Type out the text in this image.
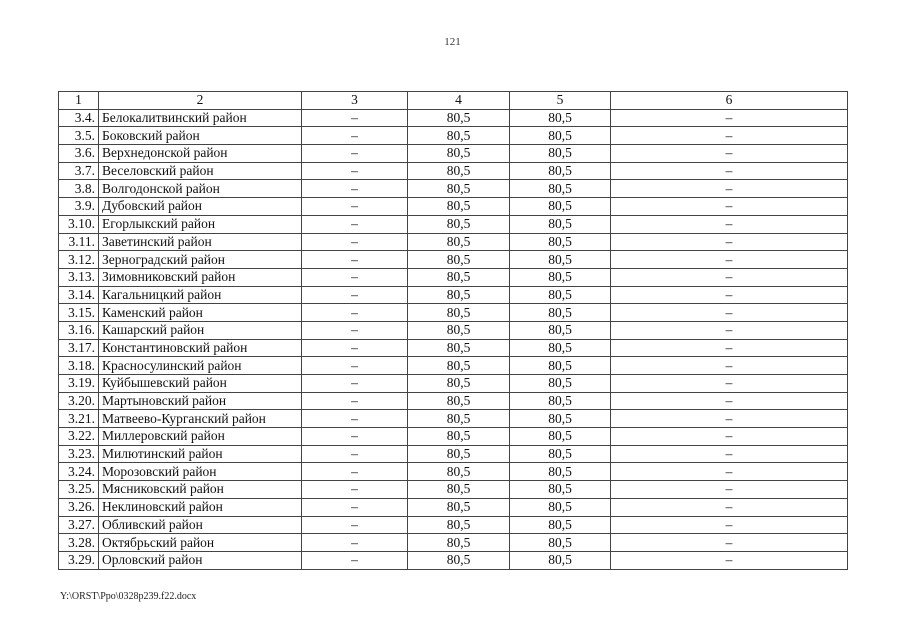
121
1	2	3	4	5	6
3.4.	Белокалитвинский район	–	80,5	80,5	–
3.5.	Боковский район	–	80,5	80,5	–
3.6.	Верхнедонской район	–	80,5	80,5	–
3.7.	Веселовский район	–	80,5	80,5	–
3.8.	Волгодонской район	–	80,5	80,5	–
3.9.	Дубовский район	–	80,5	80,5	–
3.10.	Егорлыкский район	–	80,5	80,5	–
3.11.	Заветинский район	–	80,5	80,5	–
3.12.	Зерноградский район	–	80,5	80,5	–
3.13.	Зимовниковский район	–	80,5	80,5	–
3.14.	Кагальницкий район	–	80,5	80,5	–
3.15.	Каменский район	–	80,5	80,5	–
3.16.	Кашарский район	–	80,5	80,5	–
3.17.	Константиновский район	–	80,5	80,5	–
3.18.	Красносулинский район	–	80,5	80,5	–
3.19.	Куйбышевский район	–	80,5	80,5	–
3.20.	Мартыновский район	–	80,5	80,5	–
3.21.	Матвеево-Курганский район	–	80,5	80,5	–
3.22.	Миллеровский район	–	80,5	80,5	–
3.23.	Милютинский район	–	80,5	80,5	–
3.24.	Морозовский район	–	80,5	80,5	–
3.25.	Мясниковский район	–	80,5	80,5	–
3.26.	Неклиновский район	–	80,5	80,5	–
3.27.	Обливский район	–	80,5	80,5	–
3.28.	Октябрьский район	–	80,5	80,5	–
3.29.	Орловский район	–	80,5	80,5	–
Y:\ORST\Ppo\0328p239.f22.docx
